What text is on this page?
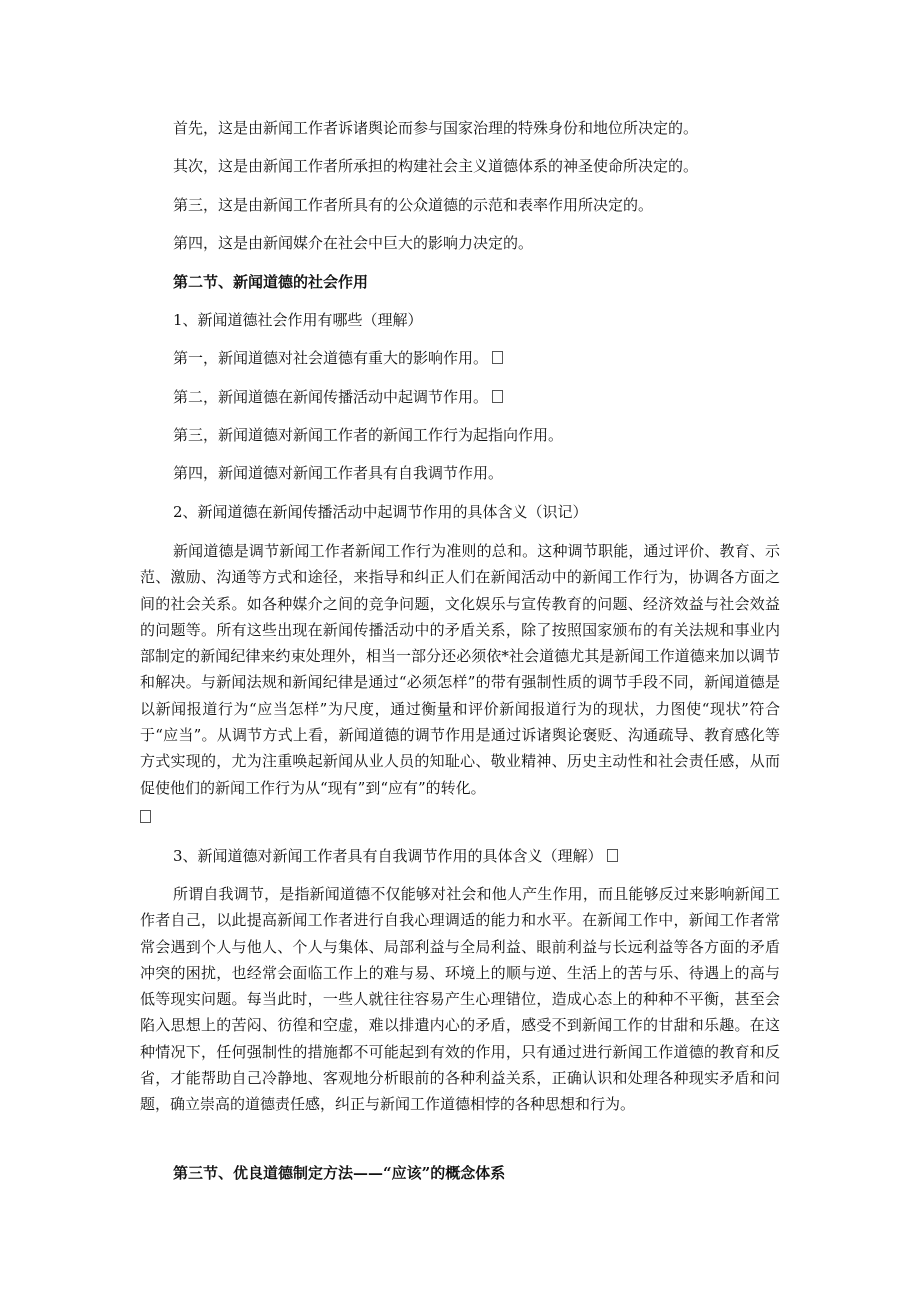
首先，这是由新闻工作者诉诸舆论而参与国家治理的特殊身份和地位所决定的。
其次，这是由新闻工作者所承担的构建社会主义道德体系的神圣使命所决定的。
第三，这是由新闻工作者所具有的公众道德的示范和表率作用所决定的。
第四，这是由新闻媒介在社会中巨大的影响力决定的。
第二节、新闻道德的社会作用
1、新闻道德社会作用有哪些（理解）
第一，新闻道德对社会道德有重大的影响作用。
第二，新闻道德在新闻传播活动中起调节作用。
第三，新闻道德对新闻工作者的新闻工作行为起指向作用。
第四，新闻道德对新闻工作者具有自我调节作用。
2、新闻道德在新闻传播活动中起调节作用的具体含义（识记）

新闻道德是调节新闻工作者新闻工作行为准则的总和。这种调节职能，通过评价、教育、示范、激励、沟通等方式和途径，来指导和纠正人们在新闻活动中的新闻工作行为，协调各方面之间的社会关系。如各种媒介之间的竞争问题，文化娱乐与宣传教育的问题、经济效益与社会效益的问题等。所有这些出现在新闻传播活动中的矛盾关系，除了按照国家颁布的有关法规和事业内部制定的新闻纪律来约束处理外，相当一部分还必须依*社会道德尤其是新闻工作道德来加以调节和解决。与新闻法规和新闻纪律是通过“必须怎样”的带有强制性质的调节手段不同，新闻道德是以新闻报道行为“应当怎样”为尺度，通过衡量和评价新闻报道行为的现状，力图使“现状”符合于“应当”。从调节方式上看，新闻道德的调节作用是通过诉诸舆论褒贬、沟通疏导、教育感化等方式实现的，尤为注重唤起新闻从业人员的知耻心、敬业精神、历史主动性和社会责任感，从而促使他们的新闻工作行为从“现有”到“应有”的转化。

3、新闻道德对新闻工作者具有自我调节作用的具体含义（理解）

所谓自我调节，是指新闻道德不仅能够对社会和他人产生作用，而且能够反过来影响新闻工作者自己，以此提高新闻工作者进行自我心理调适的能力和水平。在新闻工作中，新闻工作者常常会遇到个人与他人、个人与集体、局部利益与全局利益、眼前利益与长远利益等各方面的矛盾冲突的困扰，也经常会面临工作上的难与易、环境上的顺与逆、生活上的苦与乐、待遇上的高与低等现实问题。每当此时，一些人就往往容易产生心理错位，造成心态上的种种不平衡，甚至会陷入思想上的苦闷、彷徨和空虚，难以排遣内心的矛盾，感受不到新闻工作的甘甜和乐趣。在这种情况下，任何强制性的措施都不可能起到有效的作用，只有通过进行新闻工作道德的教育和反省，才能帮助自己冷静地、客观地分析眼前的各种利益关系，正确认识和处理各种现实矛盾和问题，确立崇高的道德责任感，纠正与新闻工作道德相悖的各种思想和行为。

第三节、优良道德制定方法——“应该”的概念体系
